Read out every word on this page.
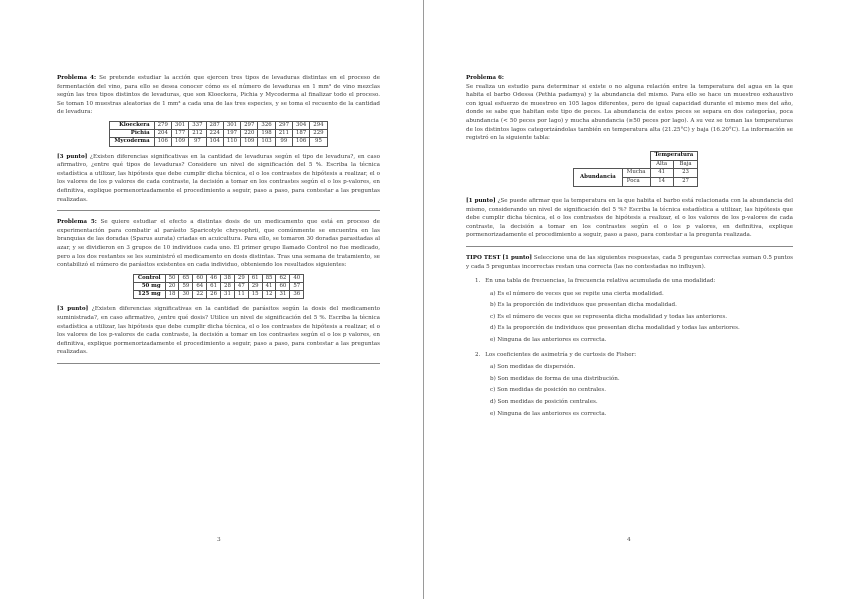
Problema 4: Se pretende estudiar la acción que ejercen tres tipos de levaduras distintas en el proceso de fermentación del vino, para ello se desea conocer cómo es el número de levaduras en 1 mm³ de vino mezclas según las tres tipos distintos de levaduras, que son Kloeckera, Pichia y Mycoderma al finalizar todo el proceso. Se toman 10 muestras aleatorias de 1 mm³ a cada una de las tres especies, y se toma el recuento de la cantidad de levadura:
Kloeckera	279	301	337	287	301	297	326	297	304	294
Pichia	204	177	212	224	197	220	198	211	187	229
Mycoderma	106	109	97	104	110	109	103	99	106	95
[3 punto] ¿Existen diferencias significativas en la cantidad de levaduras según el tipo de levadura?, en caso afirmativo, ¿entre qué tipos de levaduras? Considere un nivel de significación del 5 %. Escriba la técnica estadística a utilizar, las hipótesis que debe cumplir dicha técnica, el o los contrastes de hipótesis a realizar, el o los valores de los p valores de cada contraste, la decisión a tomar en los contrastes según el o los p-valores, en definitiva, explique pormenorizadamente el procedimiento a seguir, paso a paso, para contestar a las preguntas realizadas.
Problema 5: Se quiere estudiar el efecto a distintas dosis de un medicamento que está en proceso de experimentación para combatir al parásito Sparicotyle chrysophrii, que comúnmente se encuentra en las branquias de las doradas (Sparus aurata) criadas en acuicultura. Para ello, se tomaron 30 doradas parasitadas al azar, y se dividieron en 3 grupos de 10 individuos cada uno. El primer grupo llamado Control no fue medicado, pero a los dos restantes se les suministró el medicamento en dosis distintas. Tras una semana de tratamiento, se contabilizó el número de parásitos existentes en cada individuo, obteniendo los resultados siguientes:
Control	50	65	60	46	38	29	61	85	62	40
50 mg	20	59	64	61	28	47	29	41	60	57
125 mg	18	30	22	26	31	11	15	12	31	36
[3 punto] ¿Existen diferencias significativas en la cantidad de parásitos según la dosis del medicamento suministrada?, en caso afirmativo, ¿entre qué dosis? Utilice un nivel de significación del 5 %. Escriba la técnica estadística a utilizar, las hipótesis que debe cumplir dicha técnica, el o los contrastes de hipótesis a realizar, el o los valores de los p-valores de cada contraste, la decisión a tomar en los contrastes según el o los p valores, en definitiva, explique pormenorizadamente el procedimiento a seguir, paso a paso, para contestar a las preguntas realizadas.
3
Problema 6:
Se realiza un estudio para determinar si existe o no alguna relación entre la temperatura del agua en la que habita el barbo Odessa (Pethia padamya) y la abundancia del mismo. Para ello se hace un muestreo exhaustivo con igual esfuerzo de muestreo en 105 lagos diferentes, pero de igual capacidad durante el mismo mes del año, donde se sabe que habitan este tipo de peces. La abundancia de estos peces se separa en dos categorías, poca abundancia (< 50 peces por lago) y mucha abundancia (≥50 peces por lago). A su vez se toman las temperaturas de los distintos lagos categorizándolas también en temperatura alta (21.25°C) y baja (16.20°C). La información se registró en la siguiente tabla:
		Temperatura	
		Alta	Baja
Abundancia	Mucha	41	23
	Poca	14	27
[1 punto] ¿Se puede afirmar que la temperatura en la que habita el barbo está relacionada con la abundancia del mismo, considerando un nivel de significación del 5 %? Escriba la técnica estadística a utilizar, las hipótesis que debe cumplir dicha técnica, el o los contrastes de hipótesis a realizar, el o los valores de los p-valores de cada contraste, la decisión a tomar en los contrastes según el o los p valores, en definitiva, explique pormenorizadamente el procedimiento a seguir, paso a paso, para contestar a la pregunta realizada.
TIPO TEST [1 punto] Seleccione una de las siguientes respuestas, cada 5 preguntas correctas suman 0.5 puntos y cada 5 preguntas incorrectas restan una correcta (las no contestadas no influyen).
1. En una tabla de frecuencias, la frecuencia relativa acumulada de una modalidad:
a) Es el número de veces que se repite una cierta modalidad.
b) Es la proporción de individuos que presentan dicha modalidad.
c) Es el número de veces que se representa dicha modalidad y todas las anteriores.
d) Es la proporción de individuos que presentan dicha modalidad y todas las anteriores.
e) Ninguna de las anteriores es correcta.
2. Los coeficientes de asimetría y de curtosis de Fisher:
a) Son medidas de dispersión.
b) Son medidas de forma de una distribución.
c) Son medidas de posición no centrales.
d) Son medidas de posición centrales.
e) Ninguna de las anteriores es correcta.
4
